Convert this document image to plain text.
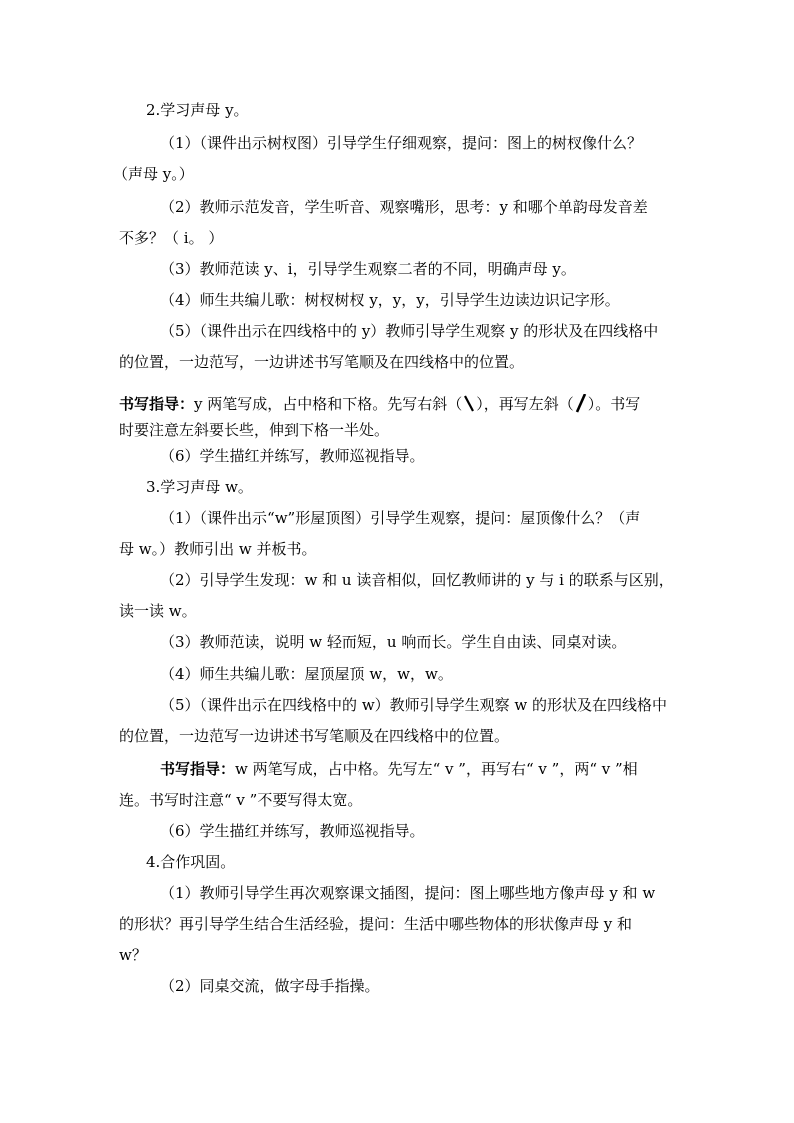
2.学习声母 y。
（1）（课件出示树杈图）引导学生仔细观察，提问：图上的树杈像什么？
（声母 y。）
（2）教师示范发音，学生听音、观察嘴形，思考：y 和哪个单韵母发音差
不多？（ i。 ）
（3）教师范读 y、i，引导学生观察二者的不同，明确声母 y。
（4）师生共编儿歌：树杈树杈 y，y，y，引导学生边读边识记字形。
（5）（课件出示在四线格中的 y）教师引导学生观察 y 的形状及在四线格中
的位置，一边范写，一边讲述书写笔顺及在四线格中的位置。
书写指导：y 两笔写成，占中格和下格。先写右斜（ ），再写左斜（ ）。书写
时要注意左斜要长些，伸到下格一半处。
（6）学生描红并练写，教师巡视指导。
3.学习声母 w。
（1）（课件出示“w”形屋顶图）引导学生观察，提问：屋顶像什么？（声
母 w。）教师引出 w 并板书。
（2）引导学生发现：w 和 u 读音相似，回忆教师讲的 y 与 i 的联系与区别，
读一读 w。
（3）教师范读，说明 w 轻而短，u 响而长。学生自由读、同桌对读。
（4）师生共编儿歌：屋顶屋顶 w，w，w。
（5）（课件出示在四线格中的 w）教师引导学生观察 w 的形状及在四线格中
的位置，一边范写一边讲述书写笔顺及在四线格中的位置。
书写指导：w 两笔写成，占中格。先写左“ v ”，再写右“ v ”，两“ v ”相
连。书写时注意“ v ”不要写得太宽。
（6）学生描红并练写，教师巡视指导。
4.合作巩固。
（1）教师引导学生再次观察课文插图，提问：图上哪些地方像声母 y 和 w
的形状？再引导学生结合生活经验，提问：生活中哪些物体的形状像声母 y 和
w？
（2）同桌交流，做字母手指操。
